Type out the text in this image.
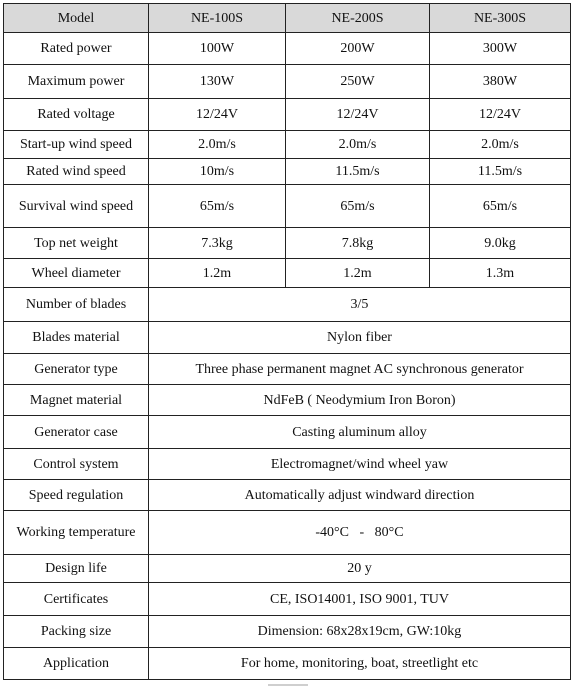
Model	NE-100S	NE-200S	NE-300S
Rated power	100W	200W	300W
Maximum power	130W	250W	380W
Rated voltage	12/24V	12/24V	12/24V
Start-up wind speed	2.0m/s	2.0m/s	2.0m/s
Rated wind speed	10m/s	11.5m/s	11.5m/s
Survival wind speed	65m/s	65m/s	65m/s
Top net weight	7.3kg	7.8kg	9.0kg
Wheel diameter	1.2m	1.2m	1.3m
Number of blades	3/5		
Blades material	Nylon fiber		
Generator type	Three phase permanent magnet AC synchronous generator		
Magnet material	NdFeB ( Neodymium Iron Boron)		
Generator case	Casting aluminum alloy		
Control system	Electromagnet/wind wheel yaw		
Speed regulation	Automatically adjust windward direction		
Working temperature	-40°C   -   80°C		
Design life	20 y		
Certificates	CE, ISO14001, ISO 9001, TUV		
Packing size	Dimension: 68x28x19cm, GW:10kg		
Application	For home, monitoring, boat, streetlight etc		
